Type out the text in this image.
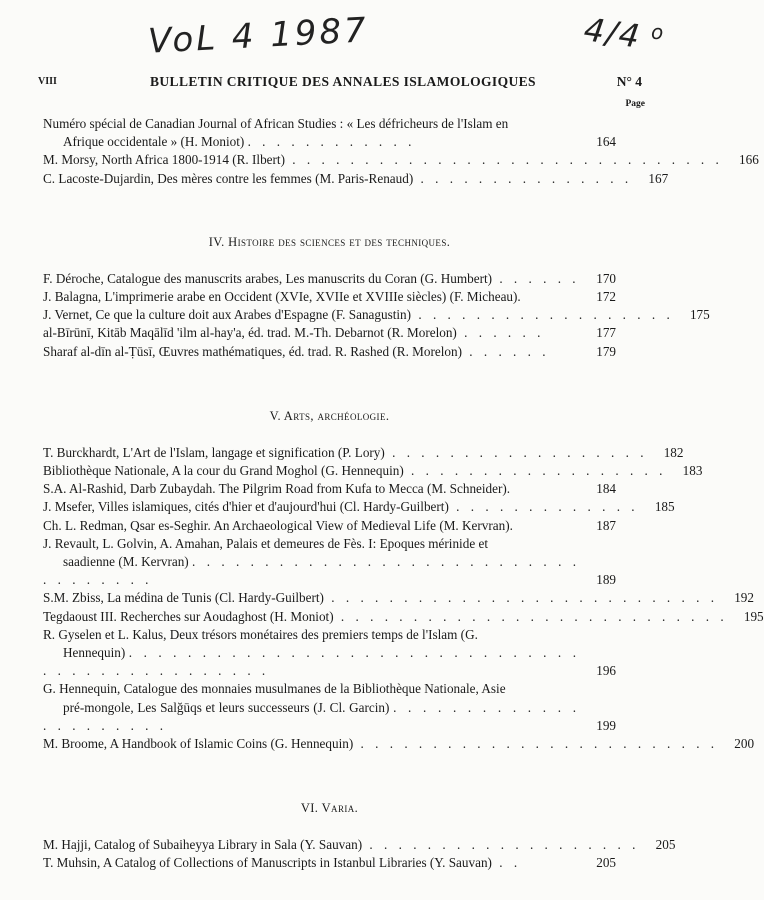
VoL 4 1987	4/4 o
VIII	BULLETIN CRITIQUE DES ANNALES ISLAMOLOGIQUES	N° 4
Page
Numéro spécial de Canadian Journal of African Studies : « Les défricheurs de l'Islam en
Afrique occidentale » (H. Moniot) . . . . . . . . . . . .	164
M. Morsy, North Africa 1800-1914 (R. Ilbert) . . . . . . . . . . . . . . . . . . . . . . . . . . . . . .	166
C. Lacoste-Dujardin, Des mères contre les femmes (M. Paris-Renaud) . . . . . . . . . . . . . . .	167
IV. Histoire des sciences et des techniques.
F. Déroche, Catalogue des manuscrits arabes, Les manuscrits du Coran (G. Humbert) . . . . . .	170
J. Balagna, L'imprimerie arabe en Occident (XVIe, XVIIe et XVIIIe siècles) (F. Micheau).	172
J. Vernet, Ce que la culture doit aux Arabes d'Espagne (F. Sanagustin) . . . . . . . . . . . . . . . . . .	175
al-Bīrūnī, Kitāb Maqālīd 'ilm al-hay'a, éd. trad. M.-Th. Debarnot (R. Morelon) . . . . . .	177
Sharaf al-dīn al-Ṭūsī, Œuvres mathématiques, éd. trad. R. Rashed (R. Morelon) . . . . . .	179
V. Arts, archéologie.
T. Burckhardt, L'Art de l'Islam, langage et signification (P. Lory) . . . . . . . . . . . . . . . . . .	182
Bibliothèque Nationale, A la cour du Grand Moghol (G. Hennequin) . . . . . . . . . . . . . . . . . .	183
S.A. Al-Rashid, Darb Zubaydah. The Pilgrim Road from Kufa to Mecca (M. Schneider).	184
J. Msefer, Villes islamiques, cités d'hier et d'aujourd'hui (Cl. Hardy-Guilbert) . . . . . . . . . . . . .	185
Ch. L. Redman, Qsar es-Seghir. An Archaeological View of Medieval Life (M. Kervran).	187
J. Revault, L. Golvin, A. Amahan, Palais et demeures de Fès. I: Epoques mérinide et
saadienne (M. Kervran) . . . . . . . . . . . . . . . . . . . . . . . . . . . . . . . . . . .	189
S.M. Zbiss, La médina de Tunis (Cl. Hardy-Guilbert) . . . . . . . . . . . . . . . . . . . . . . . . . . .	192
Tegdaoust III. Recherches sur Aoudaghost (H. Moniot) . . . . . . . . . . . . . . . . . . . . . . . . . . .	195
R. Gyselen et L. Kalus, Deux trésors monétaires des premiers temps de l'Islam (G.
Hennequin) . . . . . . . . . . . . . . . . . . . . . . . . . . . . . . . . . . . . . . . . . . . . . . .	196
G. Hennequin, Catalogue des monnaies musulmanes de la Bibliothèque Nationale, Asie
pré-mongole, Les Salğūqs et leurs successeurs (J. Cl. Garcin) . . . . . . . . . . . . . . . . . . . . . .	199
M. Broome, A Handbook of Islamic Coins (G. Hennequin) . . . . . . . . . . . . . . . . . . . . . . . . .	200
VI. Varia.
M. Hajji, Catalog of Subaiheyya Library in Sala (Y. Sauvan) . . . . . . . . . . . . . . . . . . .	205
T. Muhsin, A Catalog of Collections of Manuscripts in Istanbul Libraries (Y. Sauvan) . .	205
